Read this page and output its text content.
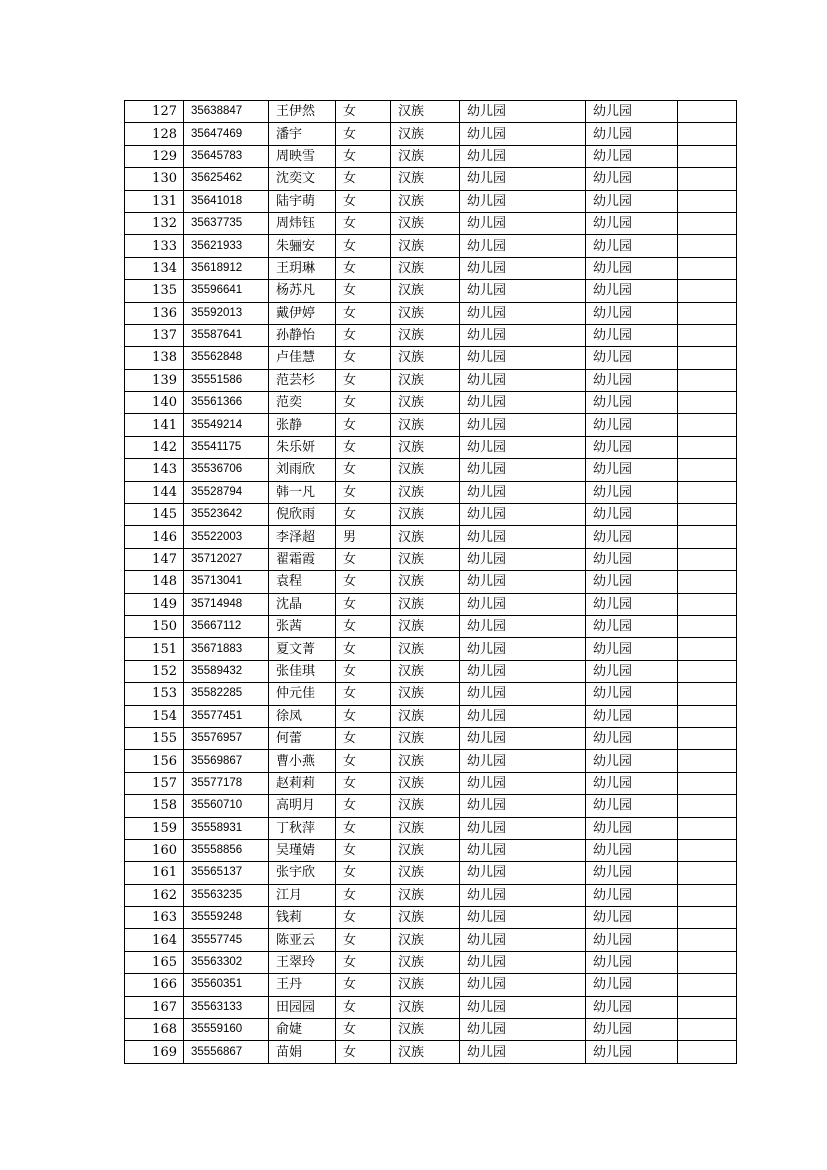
127	35638847	王伊然	女	汉族	幼儿园	幼儿园	
128	35647469	潘宇	女	汉族	幼儿园	幼儿园	
129	35645783	周映雪	女	汉族	幼儿园	幼儿园	
130	35625462	沈奕文	女	汉族	幼儿园	幼儿园	
131	35641018	陆宇萌	女	汉族	幼儿园	幼儿园	
132	35637735	周炜钰	女	汉族	幼儿园	幼儿园	
133	35621933	朱骊安	女	汉族	幼儿园	幼儿园	
134	35618912	王玥琳	女	汉族	幼儿园	幼儿园	
135	35596641	杨苏凡	女	汉族	幼儿园	幼儿园	
136	35592013	戴伊婷	女	汉族	幼儿园	幼儿园	
137	35587641	孙静怡	女	汉族	幼儿园	幼儿园	
138	35562848	卢佳慧	女	汉族	幼儿园	幼儿园	
139	35551586	范芸杉	女	汉族	幼儿园	幼儿园	
140	35561366	范奕	女	汉族	幼儿园	幼儿园	
141	35549214	张静	女	汉族	幼儿园	幼儿园	
142	35541175	朱乐妍	女	汉族	幼儿园	幼儿园	
143	35536706	刘雨欣	女	汉族	幼儿园	幼儿园	
144	35528794	韩一凡	女	汉族	幼儿园	幼儿园	
145	35523642	倪欣雨	女	汉族	幼儿园	幼儿园	
146	35522003	李泽超	男	汉族	幼儿园	幼儿园	
147	35712027	翟霜霞	女	汉族	幼儿园	幼儿园	
148	35713041	袁程	女	汉族	幼儿园	幼儿园	
149	35714948	沈晶	女	汉族	幼儿园	幼儿园	
150	35667112	张茜	女	汉族	幼儿园	幼儿园	
151	35671883	夏文菁	女	汉族	幼儿园	幼儿园	
152	35589432	张佳琪	女	汉族	幼儿园	幼儿园	
153	35582285	仲元佳	女	汉族	幼儿园	幼儿园	
154	35577451	徐凤	女	汉族	幼儿园	幼儿园	
155	35576957	何蕾	女	汉族	幼儿园	幼儿园	
156	35569867	曹小燕	女	汉族	幼儿园	幼儿园	
157	35577178	赵莉莉	女	汉族	幼儿园	幼儿园	
158	35560710	高明月	女	汉族	幼儿园	幼儿园	
159	35558931	丁秋萍	女	汉族	幼儿园	幼儿园	
160	35558856	吴瑾婧	女	汉族	幼儿园	幼儿园	
161	35565137	张宇欣	女	汉族	幼儿园	幼儿园	
162	35563235	江月	女	汉族	幼儿园	幼儿园	
163	35559248	钱莉	女	汉族	幼儿园	幼儿园	
164	35557745	陈亚云	女	汉族	幼儿园	幼儿园	
165	35563302	王翠玲	女	汉族	幼儿园	幼儿园	
166	35560351	王丹	女	汉族	幼儿园	幼儿园	
167	35563133	田园园	女	汉族	幼儿园	幼儿园	
168	35559160	俞婕	女	汉族	幼儿园	幼儿园	
169	35556867	苗娟	女	汉族	幼儿园	幼儿园	
